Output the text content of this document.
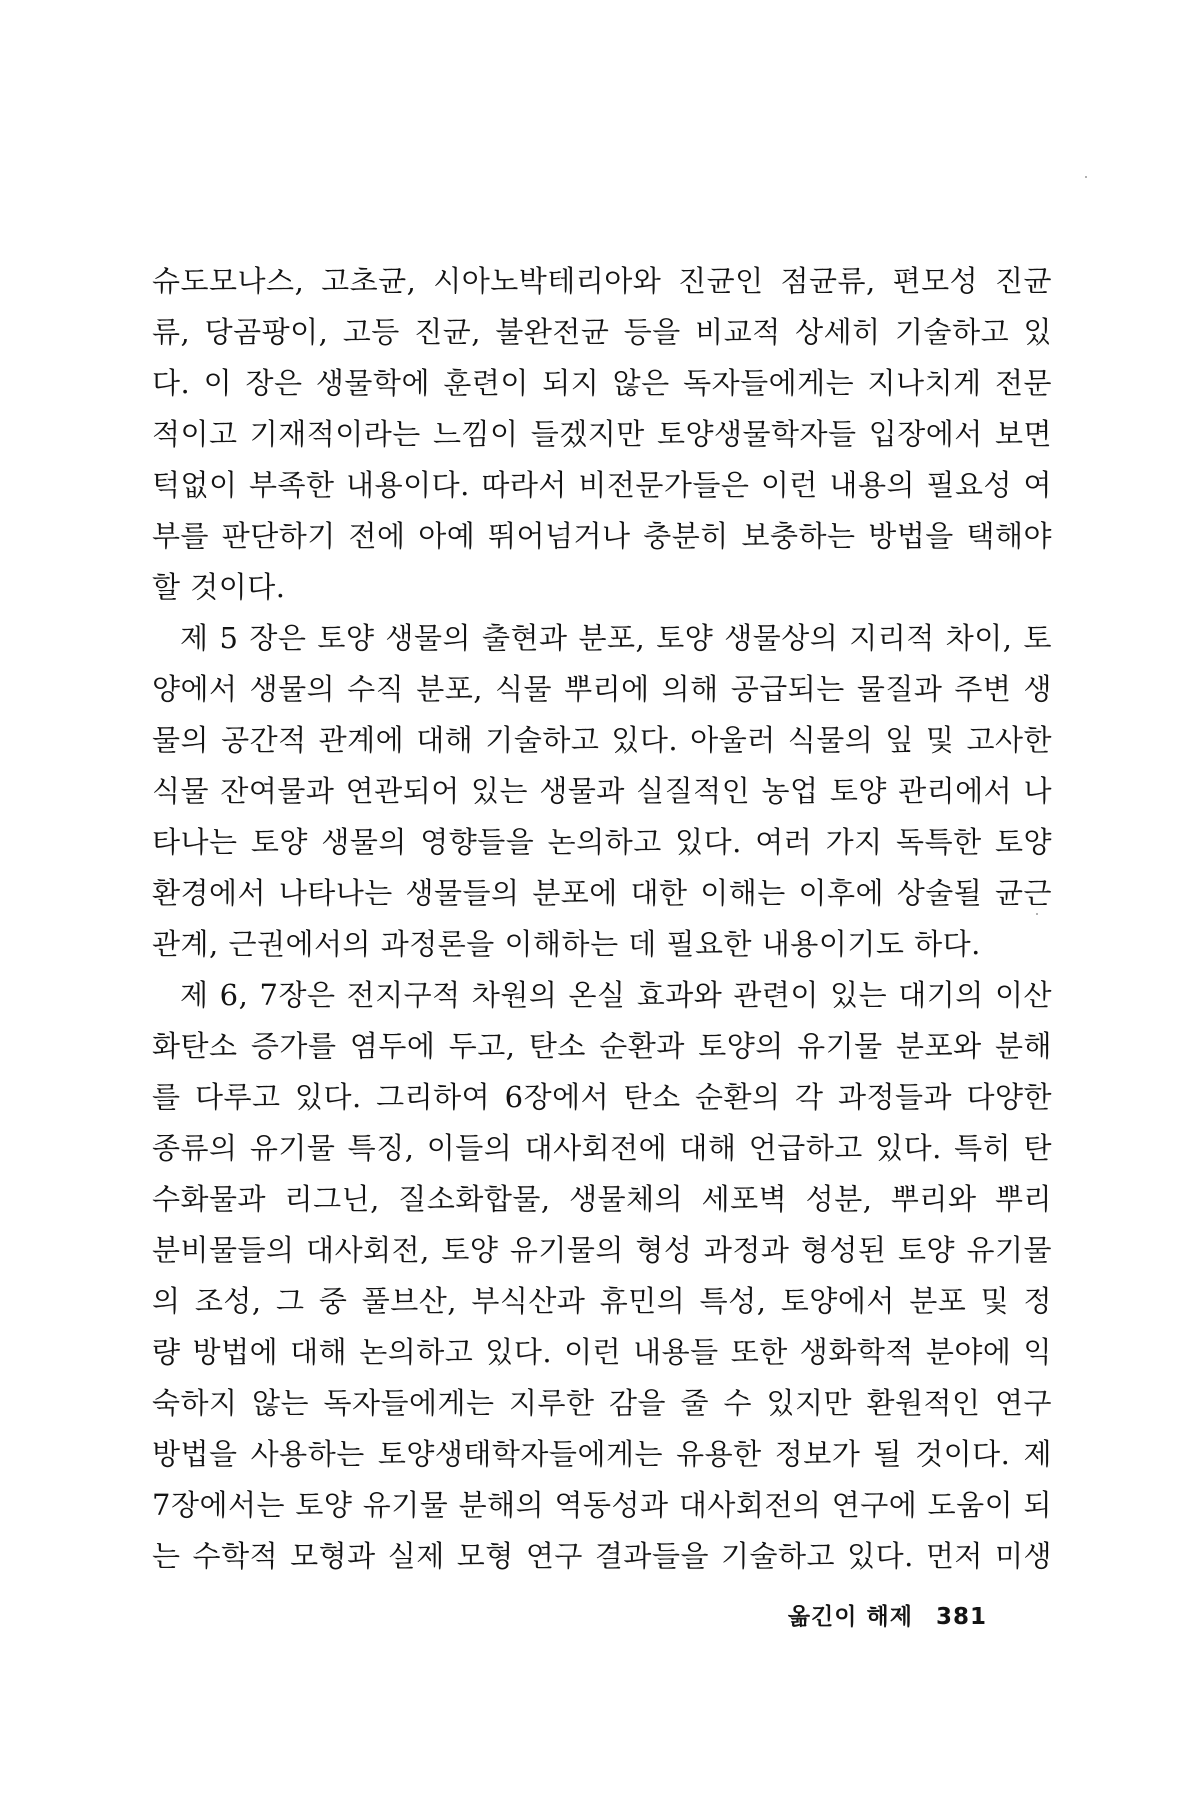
슈도모나스, 고초균, 시아노박테리아와 진균인 점균류, 편모성 진균
류, 당곰팡이, 고등 진균, 불완전균 등을 비교적 상세히 기술하고 있
다. 이 장은 생물학에 훈련이 되지 않은 독자들에게는 지나치게 전문
적이고 기재적이라는 느낌이 들겠지만 토양생물학자들 입장에서 보면
턱없이 부족한 내용이다. 따라서 비전문가들은 이런 내용의 필요성 여
부를 판단하기 전에 아예 뛰어넘거나 충분히 보충하는 방법을 택해야
할 것이다.
제 5 장은 토양 생물의 출현과 분포, 토양 생물상의 지리적 차이, 토
양에서 생물의 수직 분포, 식물 뿌리에 의해 공급되는 물질과 주변 생
물의 공간적 관계에 대해 기술하고 있다. 아울러 식물의 잎 및 고사한
식물 잔여물과 연관되어 있는 생물과 실질적인 농업 토양 관리에서 나
타나는 토양 생물의 영향들을 논의하고 있다. 여러 가지 독특한 토양
환경에서 나타나는 생물들의 분포에 대한 이해는 이후에 상술될 균근
관계, 근권에서의 과정론을 이해하는 데 필요한 내용이기도 하다.
제 6, 7장은 전지구적 차원의 온실 효과와 관련이 있는 대기의 이산
화탄소 증가를 염두에 두고, 탄소 순환과 토양의 유기물 분포와 분해
를 다루고 있다. 그리하여 6장에서 탄소 순환의 각 과정들과 다양한
종류의 유기물 특징, 이들의 대사회전에 대해 언급하고 있다. 특히 탄
수화물과 리그닌, 질소화합물, 생물체의 세포벽 성분, 뿌리와 뿌리
분비물들의 대사회전, 토양 유기물의 형성 과정과 형성된 토양 유기물
의 조성, 그 중 풀브산, 부식산과 휴민의 특성, 토양에서 분포 및 정
량 방법에 대해 논의하고 있다. 이런 내용들 또한 생화학적 분야에 익
숙하지 않는 독자들에게는 지루한 감을 줄 수 있지만 환원적인 연구
방법을 사용하는 토양생태학자들에게는 유용한 정보가 될 것이다. 제
7장에서는 토양 유기물 분해의 역동성과 대사회전의 연구에 도움이 되
는 수학적 모형과 실제 모형 연구 결과들을 기술하고 있다. 먼저 미생
옮긴이 해제 381
